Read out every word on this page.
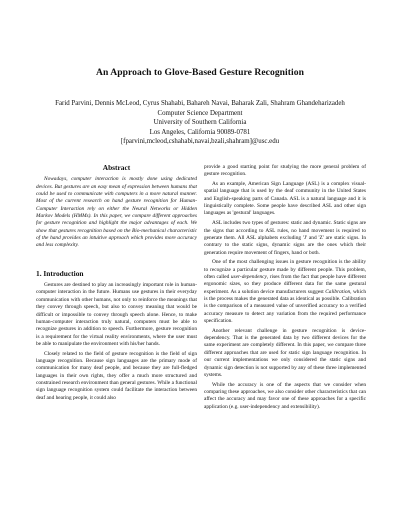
An Approach to Glove-Based Gesture Recognition
Farid Parvini, Dennis McLeod, Cyrus Shahabi, Bahareh Navai, Baharak Zali, Shahram Ghandeharizadeh
Computer Science Department
University of Southern California
Los Angeles, California 90089-0781
[fparvini,mcleod,cshahabi,navai,bzali,shahram]@usc.edu
Abstract

Nowadays, computer interaction is mostly done using dedicated devices. But gestures are an easy mean of expression between humans that could be used to communicate with computers in a more natural manner. Most of the current research on hand gesture recognition for Human-Computer Interaction rely on either the Neural Networks or Hidden Markov Models (HMMs). In this paper, we compare different approaches for gesture recognition and highlight the major advantages of each. We show that gestures recognition based on the Bio-mechanical characteristic of the hand provides an intuitive approach which provides more accuracy and less complexity.

1. Introduction

Gestures are destined to play an increasingly important role in human-computer interaction in the future. Humans use gestures in their everyday communication with other humans, not only to reinforce the meanings that they convey through speech, but also to convey meaning that would be difficult or impossible to convey through speech alone. Hence, to make human-computer interaction truly natural, computers must be able to recognize gestures in addition to speech. Furthermore, gesture recognition is a requirement for the virtual reality environments, where the user must be able to manipulate the environment with his/her hands.

Closely related to the field of gesture recognition is the field of sign language recognition. Because sign languages are the primary mode of communication for many deaf people, and because they are full-fledged languages in their own rights, they offer a much more structured and constrained research environment than general gestures. While a functional sign language recognition system could facilitate the interaction between deaf and hearing people, it could also

provide a good starting point for studying the more general problem of gesture recognition.

As an example, American Sign Language (ASL) is a complex visual-spatial language that is used by the deaf community in the United States and English-speaking parts of Canada. ASL is a natural language and it is linguistically complete. Some people have described ASL and other sign languages as 'gestural' languages.

ASL includes two types of gestures: static and dynamic. Static signs are the signs that according to ASL rules, no hand movement is required to generate them. All ASL alphabets excluding 'J' and 'Z' are static signs. In contrary to the static signs, dynamic signs are the ones which their generation require movement of fingers, hand or both.

One of the most challenging issues in gesture recognition is the ability to recognize a particular gesture made by different people. This problem, often called user-dependency, rises from the fact that people have different ergonomic sizes, so they produce different data for the same gestural experiment. As a solution device manufacturers suggest Calibration, which is the process makes the generated data as identical as possible. Calibration is the comparison of a measured value of unverified accuracy to a verified accuracy measure to detect any variation from the required performance specification.

Another relevant challenge in gesture recognition is device-dependency. That is the generated data by two different devices for the same experiment are completely different. In this paper, we compare three different approaches that are used for static sign language recognition. In our current implementations we only considered the static signs and dynamic sign detection is not supported by any of these three implemented systems.

While the accuracy is one of the aspects that we consider when comparing these approaches, we also consider other characteristics that can affect the accuracy and may favor one of these approaches for a specific application (e.g. user-independency and extensibility).
